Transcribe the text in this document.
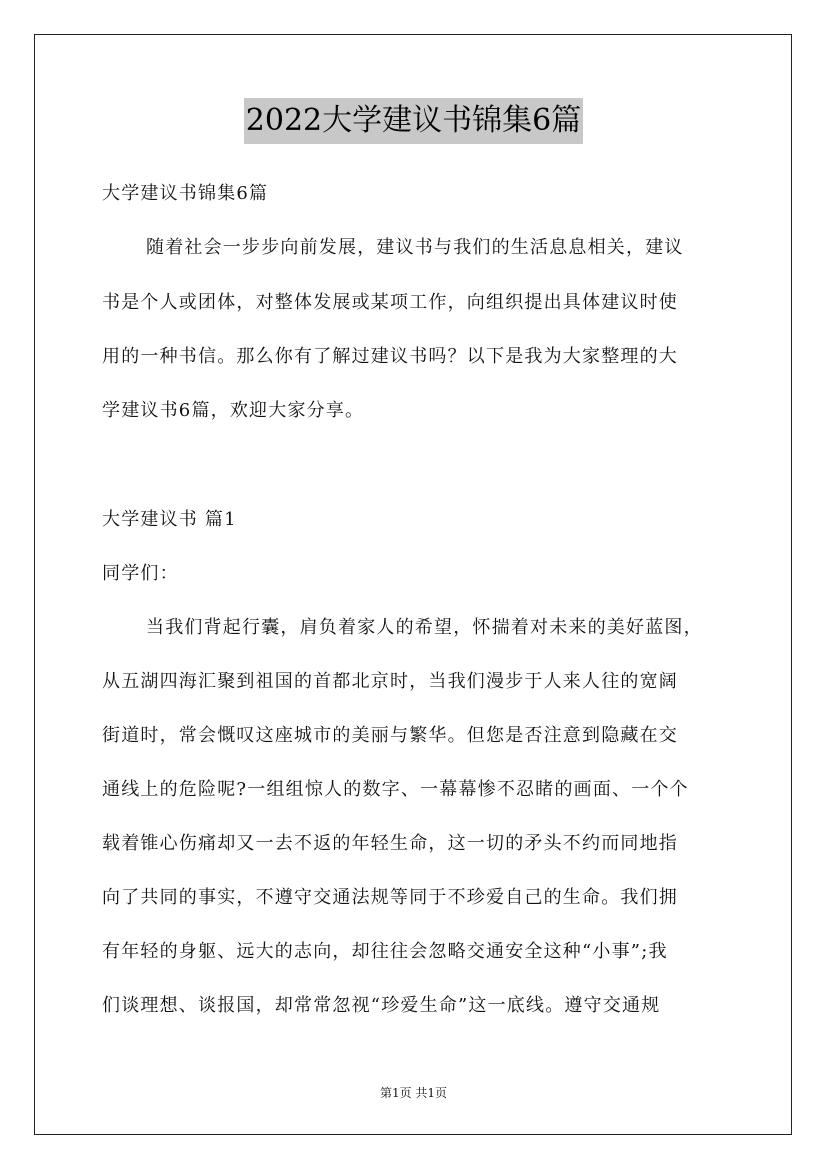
2022大学建议书锦集6篇
大学建议书锦集6篇
随着社会一步步向前发展，建议书与我们的生活息息相关，建议
书是个人或团体，对整体发展或某项工作，向组织提出具体建议时使
用的一种书信。那么你有了解过建议书吗？以下是我为大家整理的大
学建议书6篇，欢迎大家分享。
大学建议书 篇1
同学们：
当我们背起行囊，肩负着家人的希望，怀揣着对未来的美好蓝图，
从五湖四海汇聚到祖国的首都北京时，当我们漫步于人来人往的宽阔
街道时，常会慨叹这座城市的美丽与繁华。但您是否注意到隐藏在交
通线上的危险呢?一组组惊人的数字、一幕幕惨不忍睹的画面、一个个
载着锥心伤痛却又一去不返的年轻生命，这一切的矛头不约而同地指
向了共同的事实，不遵守交通法规等同于不珍爱自己的生命。我们拥
有年轻的身躯、远大的志向，却往往会忽略交通安全这种“小事”;我
们谈理想、谈报国，却常常忽视“珍爱生命”这一底线。遵守交通规
第1页 共1页
